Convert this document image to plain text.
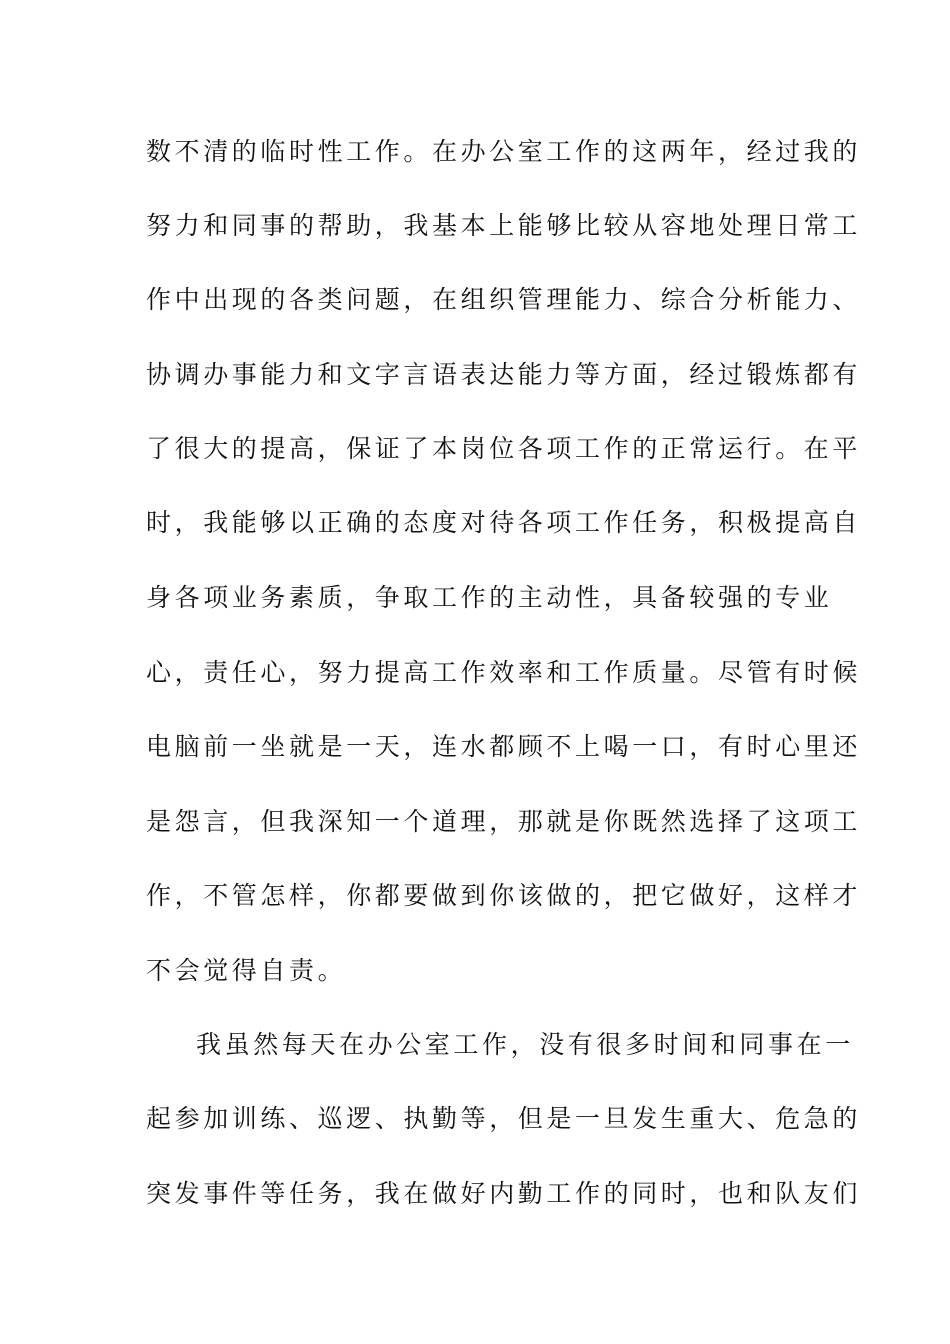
数不清的临时性工作。在办公室工作的这两年，经过我的
努力和同事的帮助，我基本上能够比较从容地处理日常工
作中出现的各类问题，在组织管理能力、综合分析能力、
协调办事能力和文字言语表达能力等方面，经过锻炼都有
了很大的提高，保证了本岗位各项工作的正常运行。在平
时，我能够以正确的态度对待各项工作任务，积极提高自
身各项业务素质，争取工作的主动性，具备较强的专业
心，责任心，努力提高工作效率和工作质量。尽管有时候
电脑前一坐就是一天，连水都顾不上喝一口，有时心里还
是怨言，但我深知一个道理，那就是你既然选择了这项工
作，不管怎样，你都要做到你该做的，把它做好，这样才
不会觉得自责。
我虽然每天在办公室工作，没有很多时间和同事在一
起参加训练、巡逻、执勤等，但是一旦发生重大、危急的
突发事件等任务，我在做好内勤工作的同时，也和队友们
